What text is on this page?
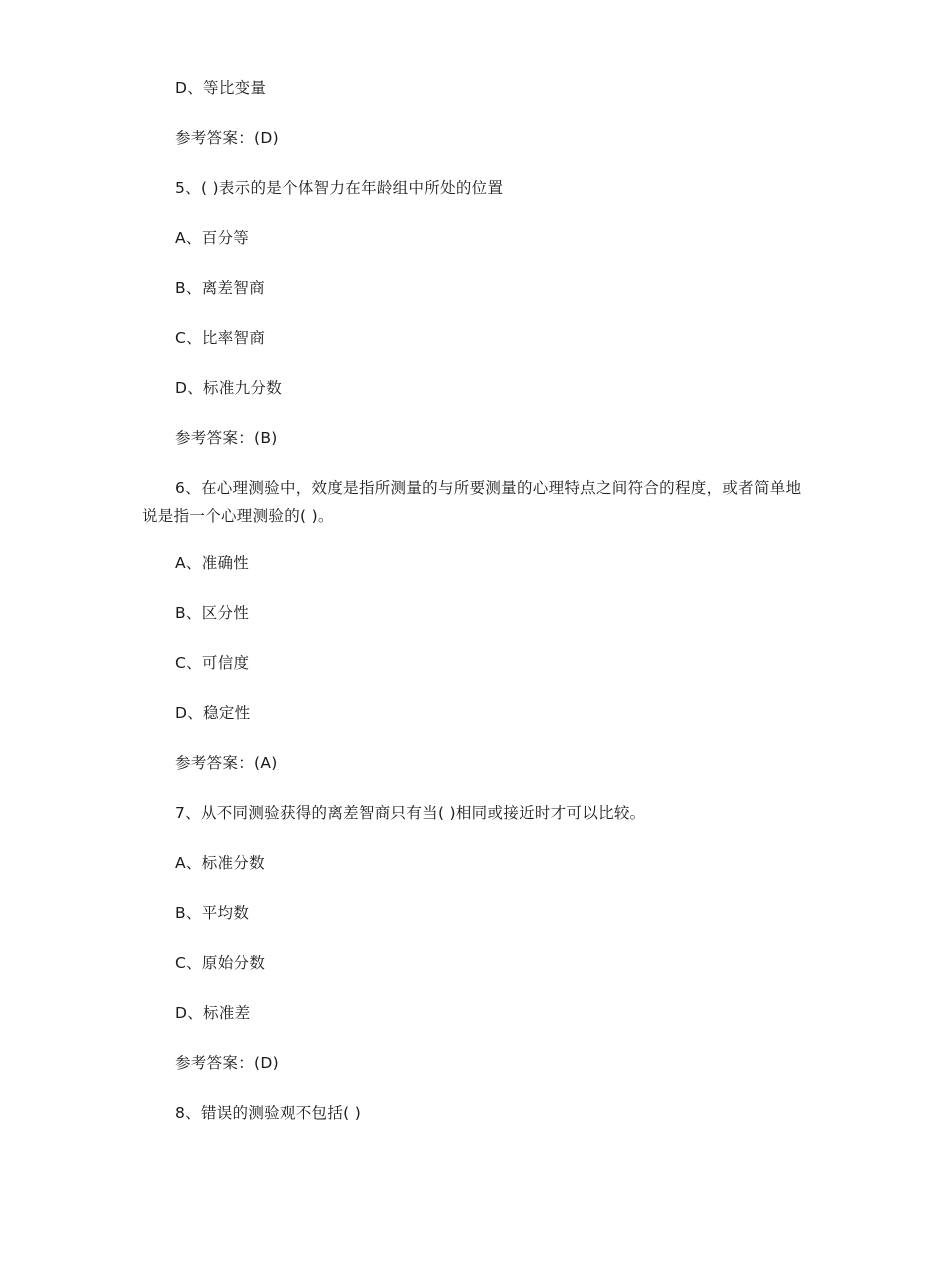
D、等比变量
参考答案：(D)
5、( )表示的是个体智力在年龄组中所处的位置
A、百分等
B、离差智商
C、比率智商
D、标准九分数
参考答案：(B)
6、在心理测验中，效度是指所测量的与所要测量的心理特点之间符合的程度，或者简单地说是指一个心理测验的( )。
A、准确性
B、区分性
C、可信度
D、稳定性
参考答案：(A)
7、从不同测验获得的离差智商只有当( )相同或接近时才可以比较。
A、标准分数
B、平均数
C、原始分数
D、标准差
参考答案：(D)
8、错误的测验观不包括( )
